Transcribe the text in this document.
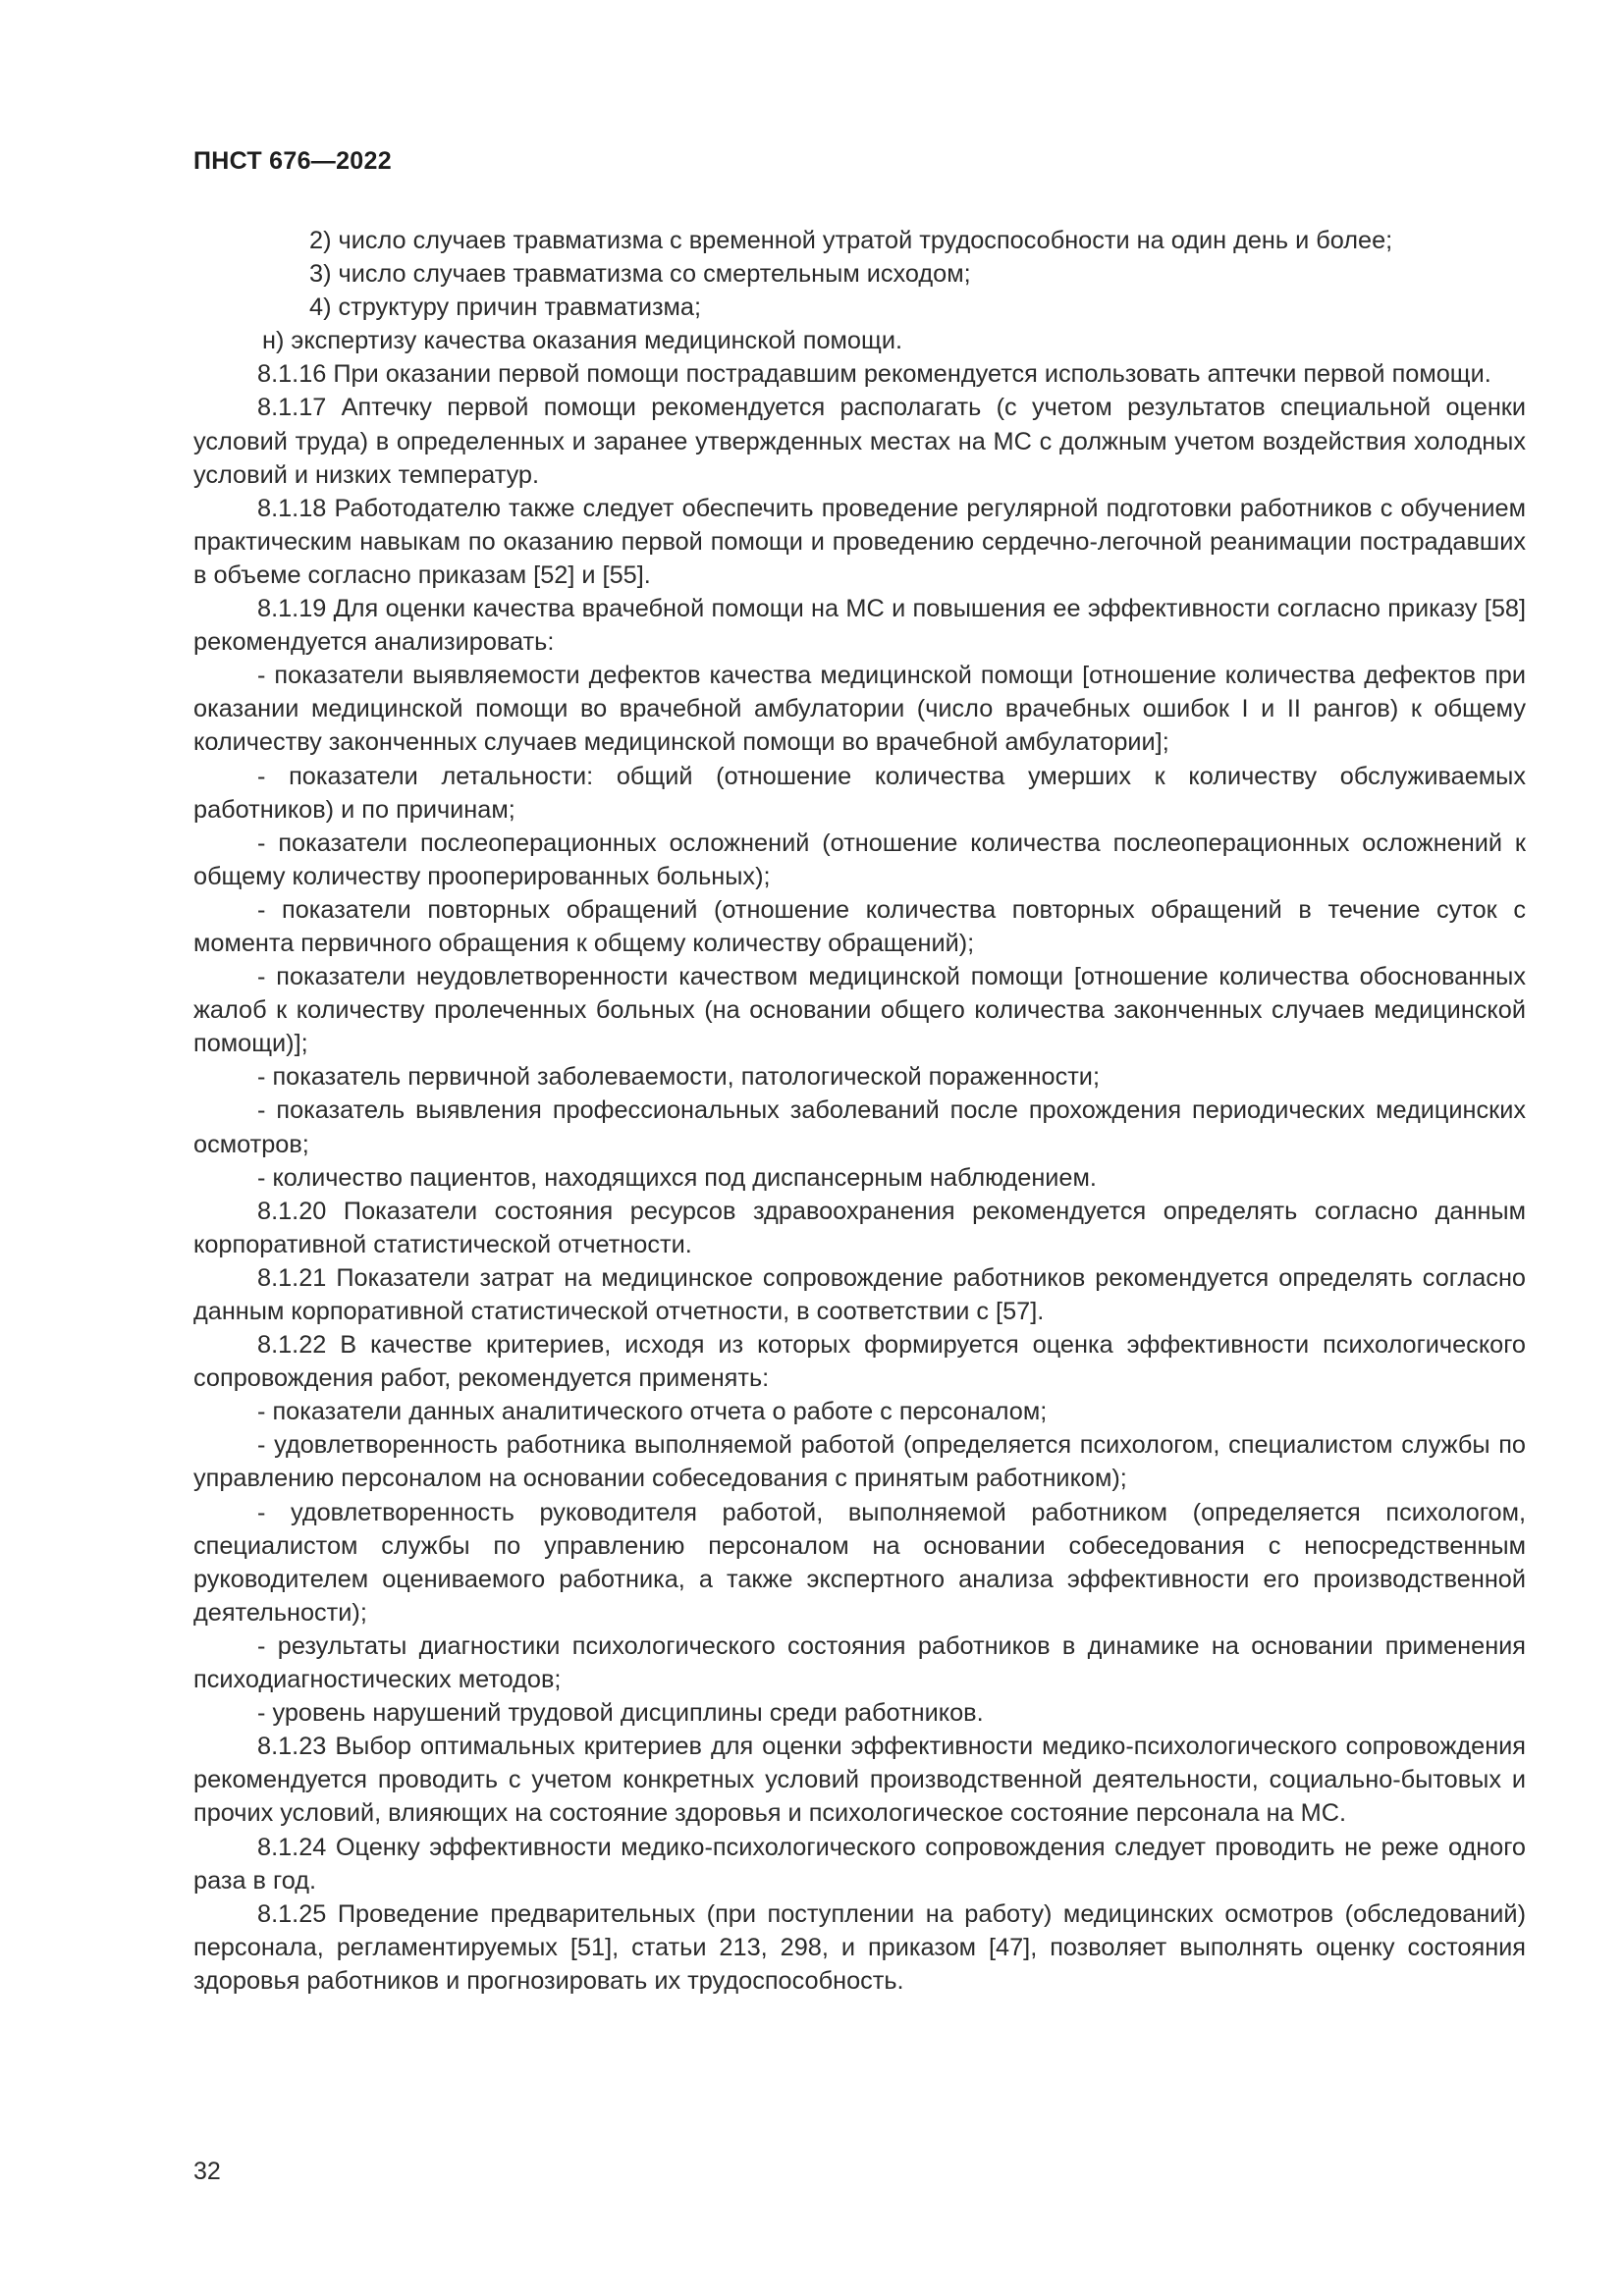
ПНСТ 676—2022

2) число случаев травматизма с временной утратой трудоспособности на один день и более;

3) число случаев травматизма со смертельным исходом;

4) структуру причин травматизма;

н) экспертизу качества оказания медицинской помощи.

8.1.16 При оказании первой помощи пострадавшим рекомендуется использовать аптечки первой помощи.

8.1.17 Аптечку первой помощи рекомендуется располагать (с учетом результатов специальной оценки условий труда) в определенных и заранее утвержденных местах на МС с должным учетом воздействия холодных условий и низких температур.

8.1.18 Работодателю также следует обеспечить проведение регулярной подготовки работников с обучением практическим навыкам по оказанию первой помощи и проведению сердечно-легочной реанимации пострадавших в объеме согласно приказам [52] и [55].

8.1.19 Для оценки качества врачебной помощи на МС и повышения ее эффективности согласно приказу [58] рекомендуется анализировать:

- показатели выявляемости дефектов качества медицинской помощи [отношение количества дефектов при оказании медицинской помощи во врачебной амбулатории (число врачебных ошибок I и II рангов) к общему количеству законченных случаев медицинской помощи во врачебной амбулатории];

- показатели летальности: общий (отношение количества умерших к количеству обслуживаемых работников) и по причинам;

- показатели послеоперационных осложнений (отношение количества послеоперационных осложнений к общему количеству прооперированных больных);

- показатели повторных обращений (отношение количества повторных обращений в течение суток с момента первичного обращения к общему количеству обращений);

- показатели неудовлетворенности качеством медицинской помощи [отношение количества обоснованных жалоб к количеству пролеченных больных (на основании общего количества законченных случаев медицинской помощи)];

- показатель первичной заболеваемости, патологической пораженности;

- показатель выявления профессиональных заболеваний после прохождения периодических медицинских осмотров;

- количество пациентов, находящихся под диспансерным наблюдением.

8.1.20 Показатели состояния ресурсов здравоохранения рекомендуется определять согласно данным корпоративной статистической отчетности.

8.1.21 Показатели затрат на медицинское сопровождение работников рекомендуется определять согласно данным корпоративной статистической отчетности, в соответствии с [57].

8.1.22 В качестве критериев, исходя из которых формируется оценка эффективности психологического сопровождения работ, рекомендуется применять:

- показатели данных аналитического отчета о работе с персоналом;

- удовлетворенность работника выполняемой работой (определяется психологом, специалистом службы по управлению персоналом на основании собеседования с принятым работником);

- удовлетворенность руководителя работой, выполняемой работником (определяется психологом, специалистом службы по управлению персоналом на основании собеседования с непосредственным руководителем оцениваемого работника, а также экспертного анализа эффективности его производственной деятельности);

- результаты диагностики психологического состояния работников в динамике на основании применения психодиагностических методов;

- уровень нарушений трудовой дисциплины среди работников.

8.1.23 Выбор оптимальных критериев для оценки эффективности медико-психологического сопровождения рекомендуется проводить с учетом конкретных условий производственной деятельности, социально-бытовых и прочих условий, влияющих на состояние здоровья и психологическое состояние персонала на МС.

8.1.24 Оценку эффективности медико-психологического сопровождения следует проводить не реже одного раза в год.

8.1.25 Проведение предварительных (при поступлении на работу) медицинских осмотров (обследований) персонала, регламентируемых [51], статьи 213, 298, и приказом [47], позволяет выполнять оценку состояния здоровья работников и прогнозировать их трудоспособность.

32
